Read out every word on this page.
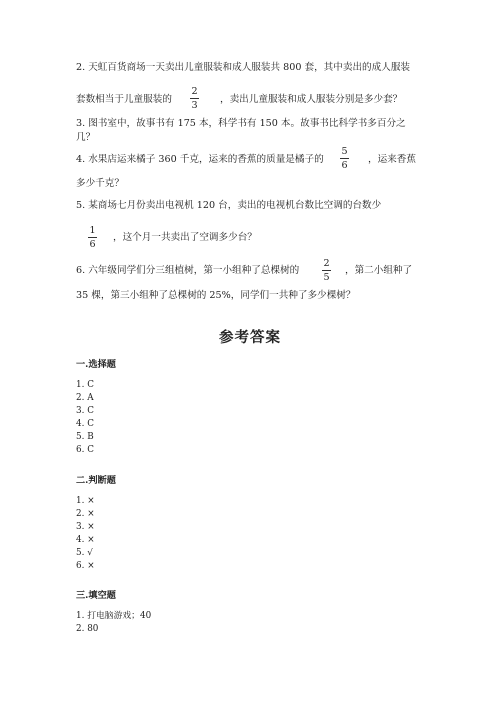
2. 天虹百货商场一天卖出儿童服装和成人服装共 800 套，其中卖出的成人服装
套数相当于儿童服装的
2
3
，卖出儿童服装和成人服装分别是多少套？
3. 图书室中，故事书有 175 本，科学书有 150 本。故事书比科学书多百分之
几？
4. 水果店运来橘子 360 千克，运来的香蕉的质量是橘子的
5
6
，运来香蕉
多少千克？
5. 某商场七月份卖出电视机 120 台，卖出的电视机台数比空调的台数少
1
6
，这个月一共卖出了空调多少台？
6. 六年级同学们分三组植树，第一小组种了总棵树的
2
5
，第二小组种了
35 棵，第三小组种了总棵树的 25%，同学们一共种了多少棵树？
参考答案
一.选择题
1. C
2. A
3. C
4. C
5. B
6. C
二.判断题
1. ×
2. ×
3. ×
4. ×
5. √
6. ×
三.填空题
1. 打电脑游戏；40
2. 80
